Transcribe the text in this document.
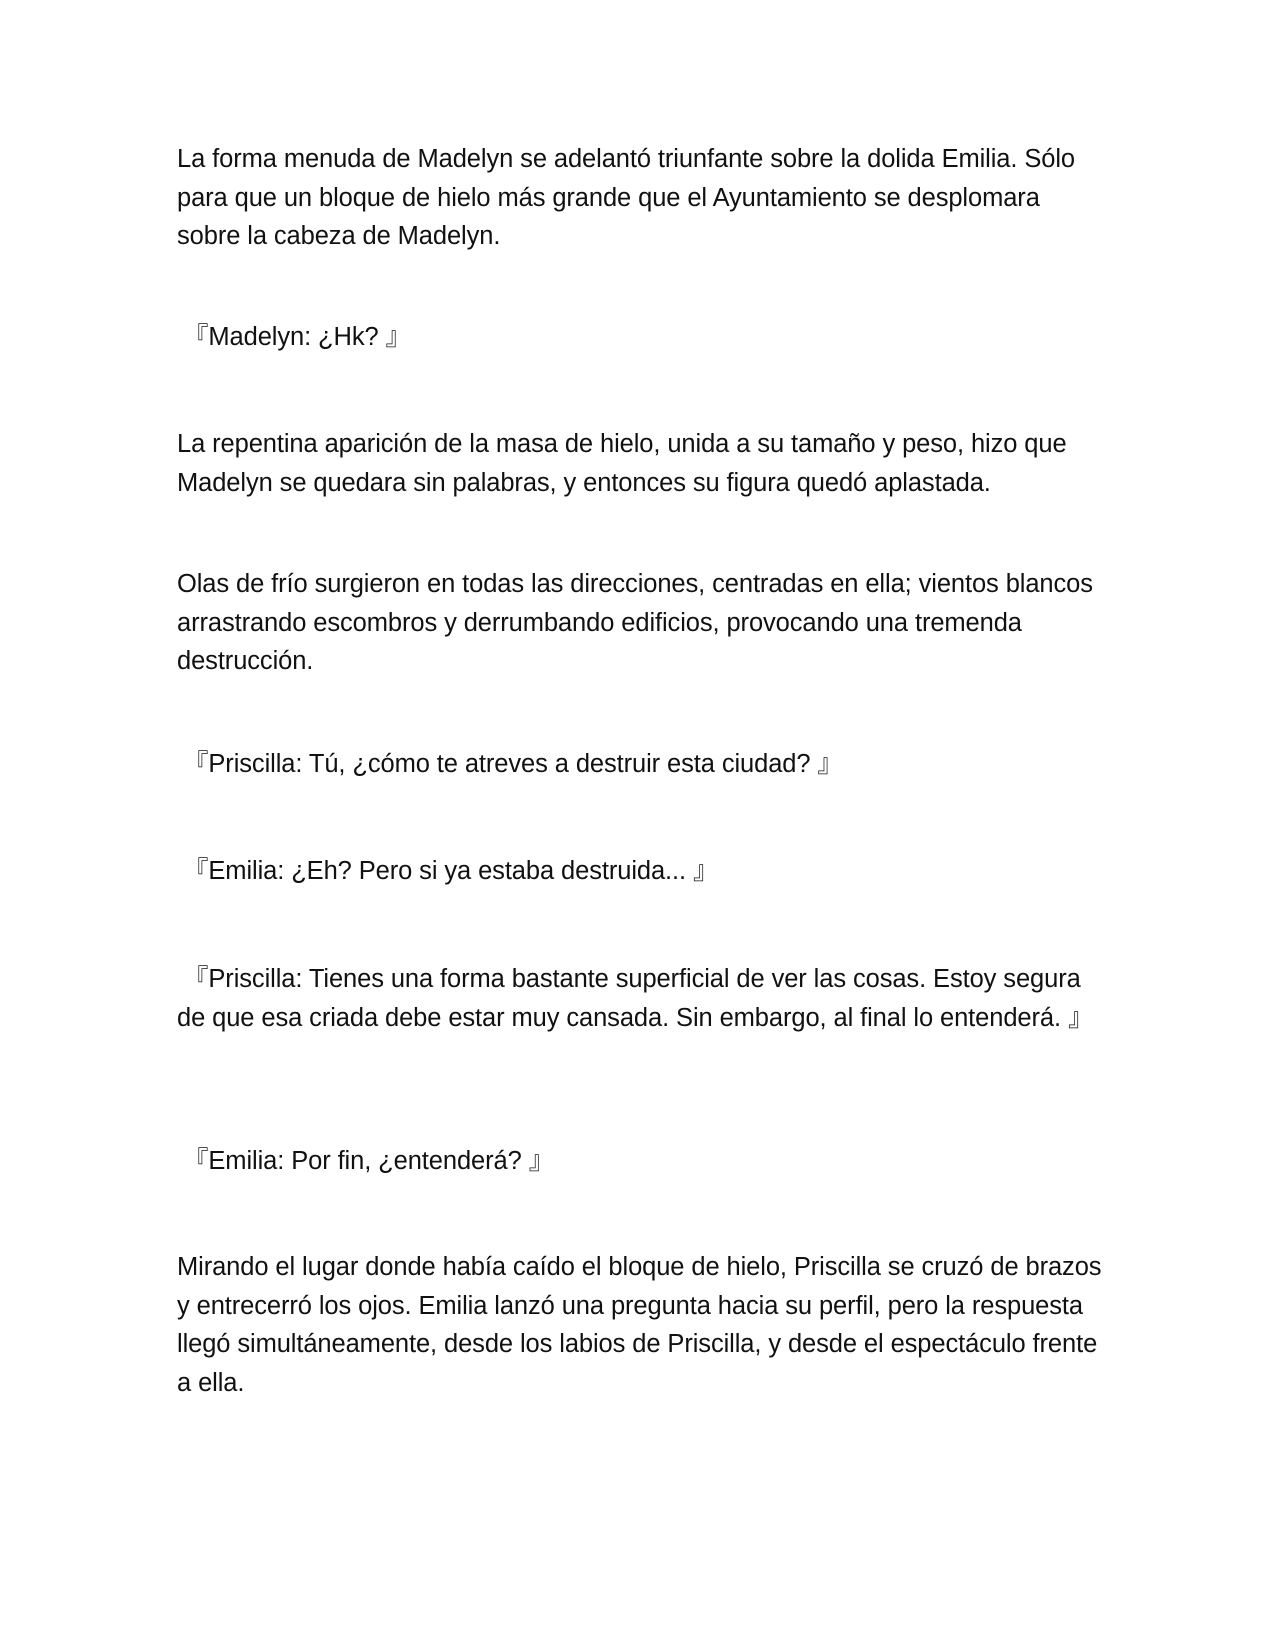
La forma menuda de Madelyn se adelantó triunfante sobre la dolida Emilia. Sólo para que un bloque de hielo más grande que el Ayuntamiento se desplomara sobre la cabeza de Madelyn.

『Madelyn: ¿Hk? 』

La repentina aparición de la masa de hielo, unida a su tamaño y peso, hizo que Madelyn se quedara sin palabras, y entonces su figura quedó aplastada.

Olas de frío surgieron en todas las direcciones, centradas en ella; vientos blancos arrastrando escombros y derrumbando edificios, provocando una tremenda destrucción.

『Priscilla: Tú, ¿cómo te atreves a destruir esta ciudad? 』

『Emilia: ¿Eh? Pero si ya estaba destruida... 』

『Priscilla: Tienes una forma bastante superficial de ver las cosas. Estoy segura de que esa criada debe estar muy cansada. Sin embargo, al final lo entenderá. 』

『Emilia: Por fin, ¿entenderá? 』

Mirando el lugar donde había caído el bloque de hielo, Priscilla se cruzó de brazos y entrecerró los ojos. Emilia lanzó una pregunta hacia su perfil, pero la respuesta llegó simultáneamente, desde los labios de Priscilla, y desde el espectáculo frente a ella.
